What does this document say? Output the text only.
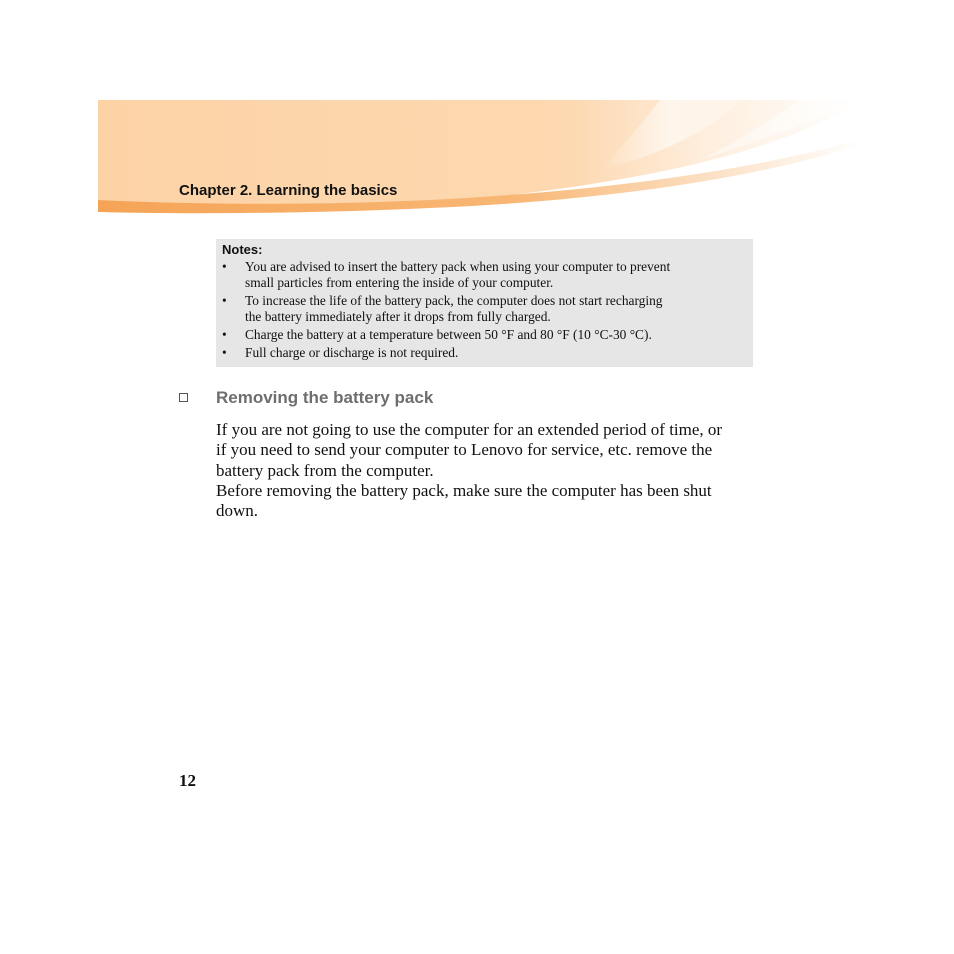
Chapter 2. Learning the basics
Notes:
•	You are advised to insert the battery pack when using your computer to prevent
small particles from entering the inside of your computer.
•	To increase the life of the battery pack, the computer does not start recharging
the battery immediately after it drops from fully charged.
•	Charge the battery at a temperature between 50 °F and 80 °F (10 °C-30 °C).
•	Full charge or discharge is not required.
Removing the battery pack

If you are not going to use the computer for an extended period of time, or
if you need to send your computer to Lenovo for service, etc. remove the
battery pack from the computer.

Before removing the battery pack, make sure the computer has been shut
down.

12
